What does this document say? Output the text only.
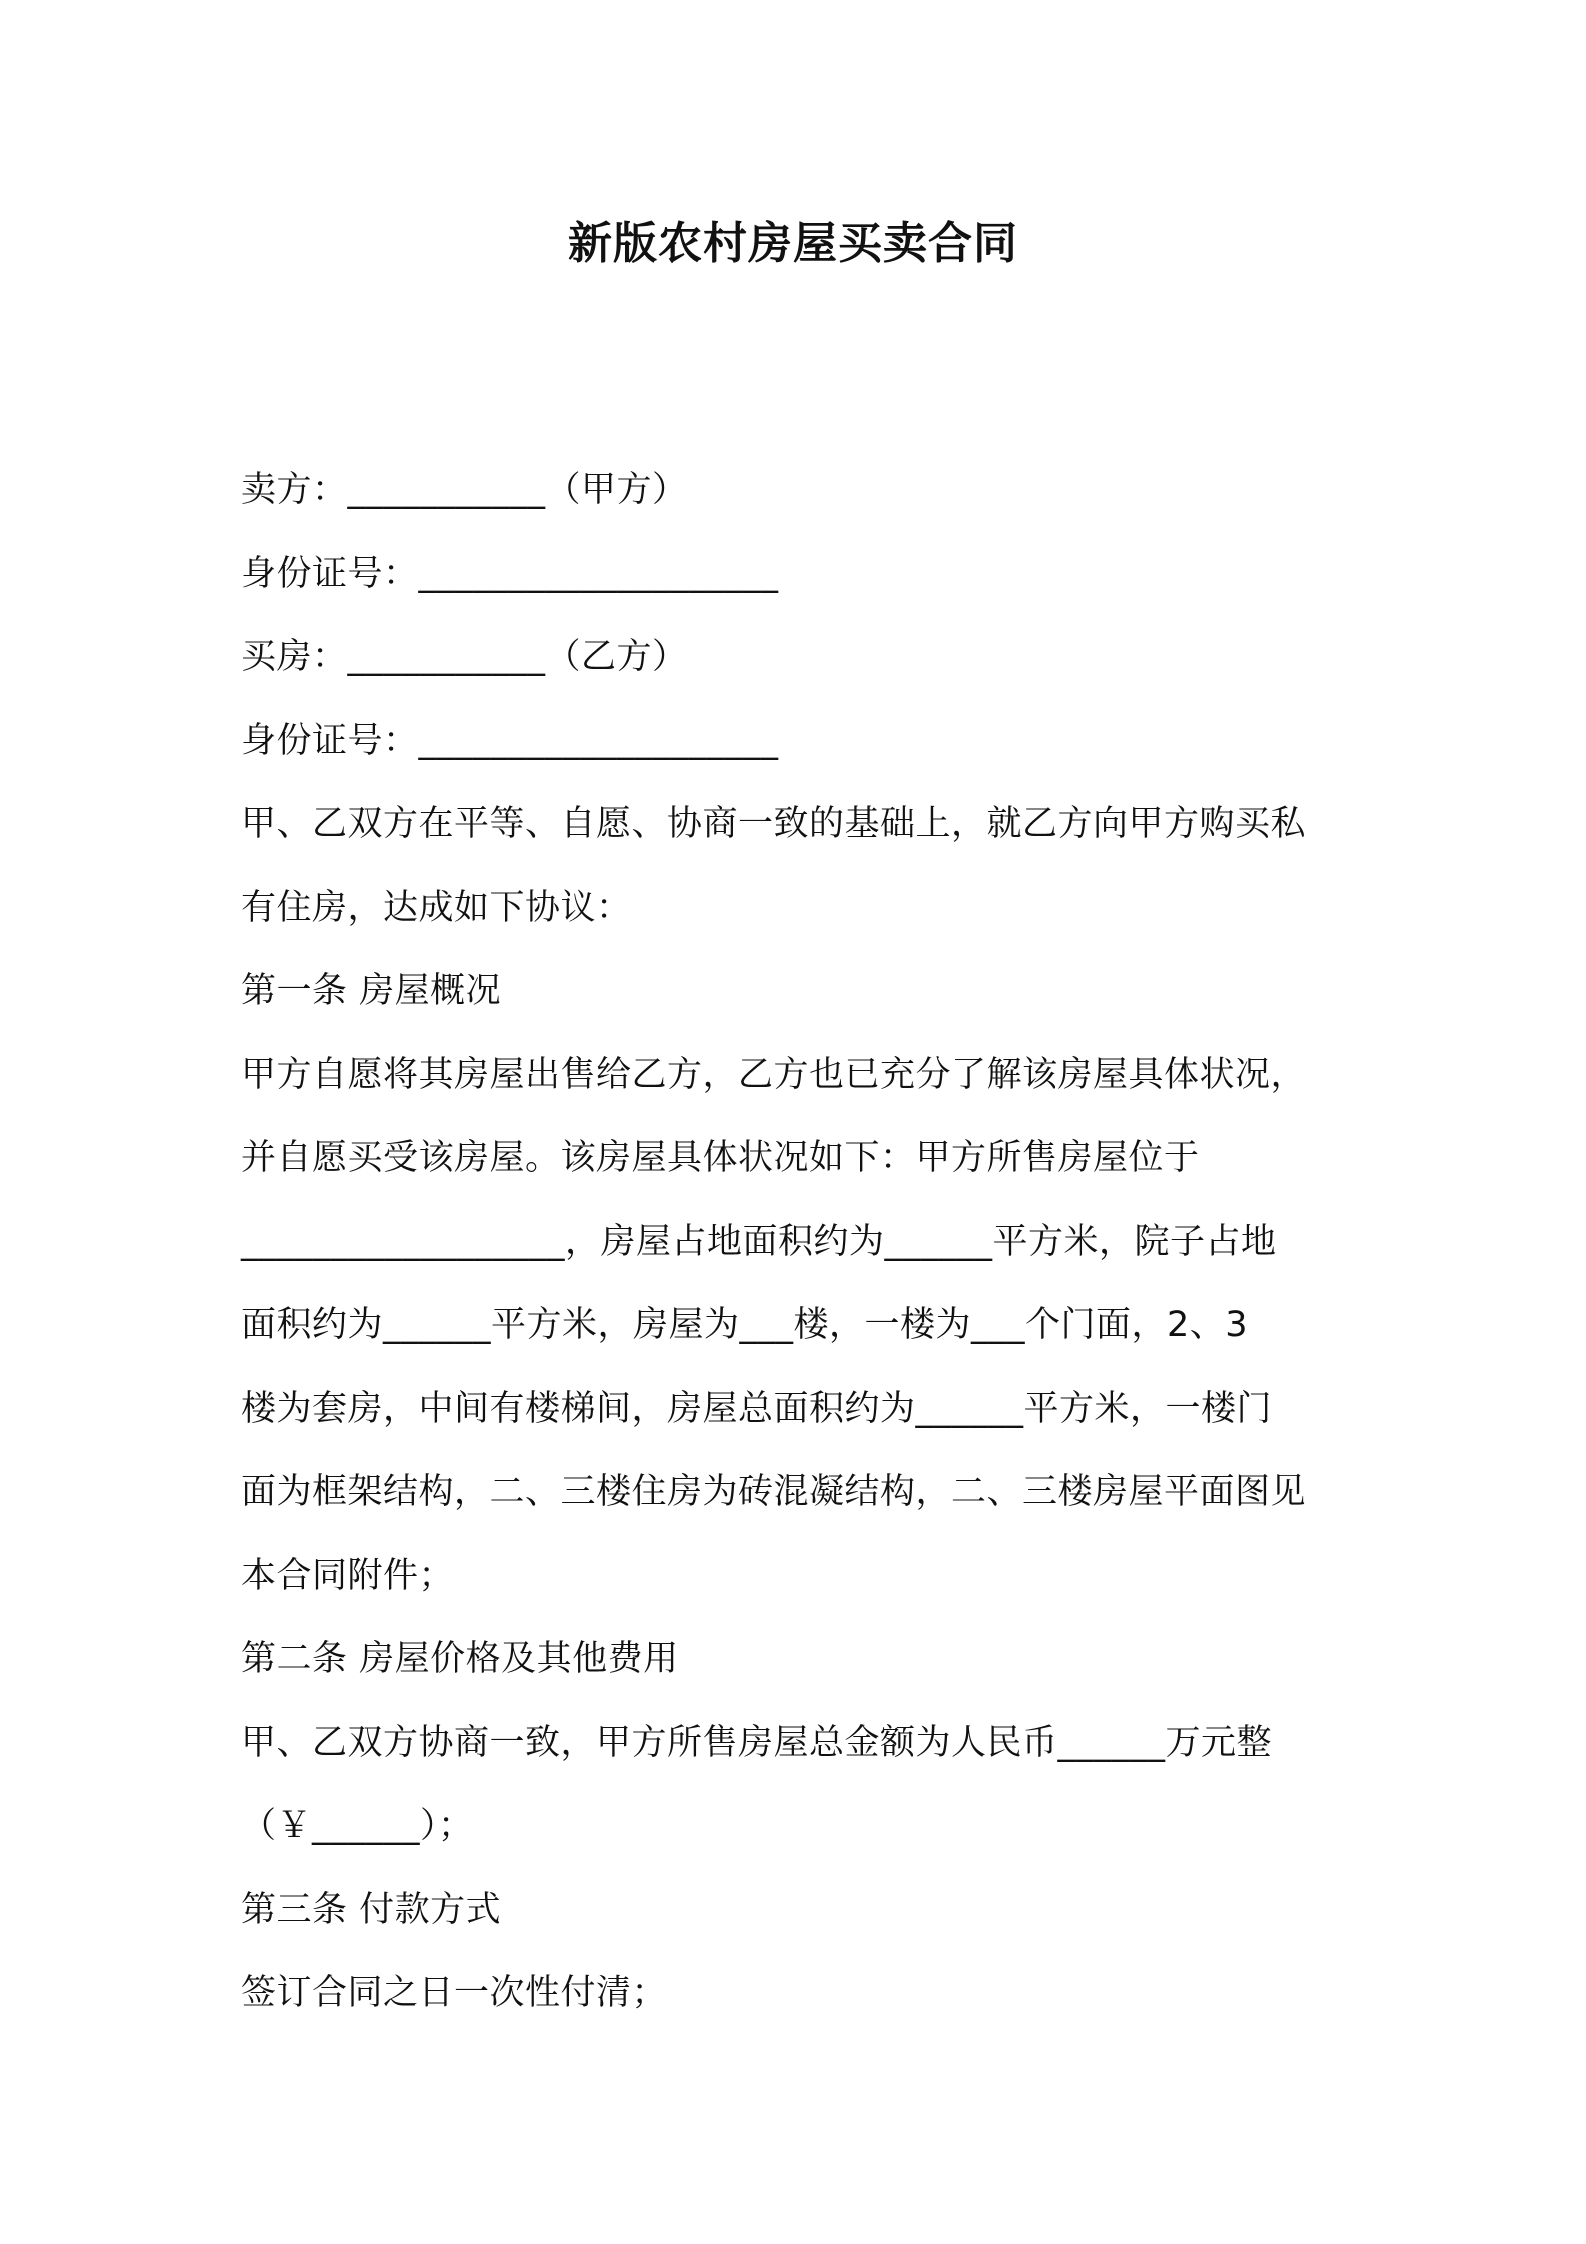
新版农村房屋买卖合同
卖方：___________（甲方）
身份证号：____________________
买房：___________（乙方）
身份证号：____________________
甲、乙双方在平等、自愿、协商一致的基础上，就乙方向甲方购买私
有住房，达成如下协议：
第一条 房屋概况
甲方自愿将其房屋出售给乙方，乙方也已充分了解该房屋具体状况，
并自愿买受该房屋。该房屋具体状况如下：甲方所售房屋位于
__________________，房屋占地面积约为______平方米，院子占地
面积约为______平方米，房屋为___楼，一楼为___个门面，2、3
楼为套房，中间有楼梯间，房屋总面积约为______平方米，一楼门
面为框架结构，二、三楼住房为砖混凝结构，二、三楼房屋平面图见
本合同附件；
第二条 房屋价格及其他费用
甲、乙双方协商一致，甲方所售房屋总金额为人民币______万元整
（￥______）；
第三条 付款方式
签订合同之日一次性付清；
